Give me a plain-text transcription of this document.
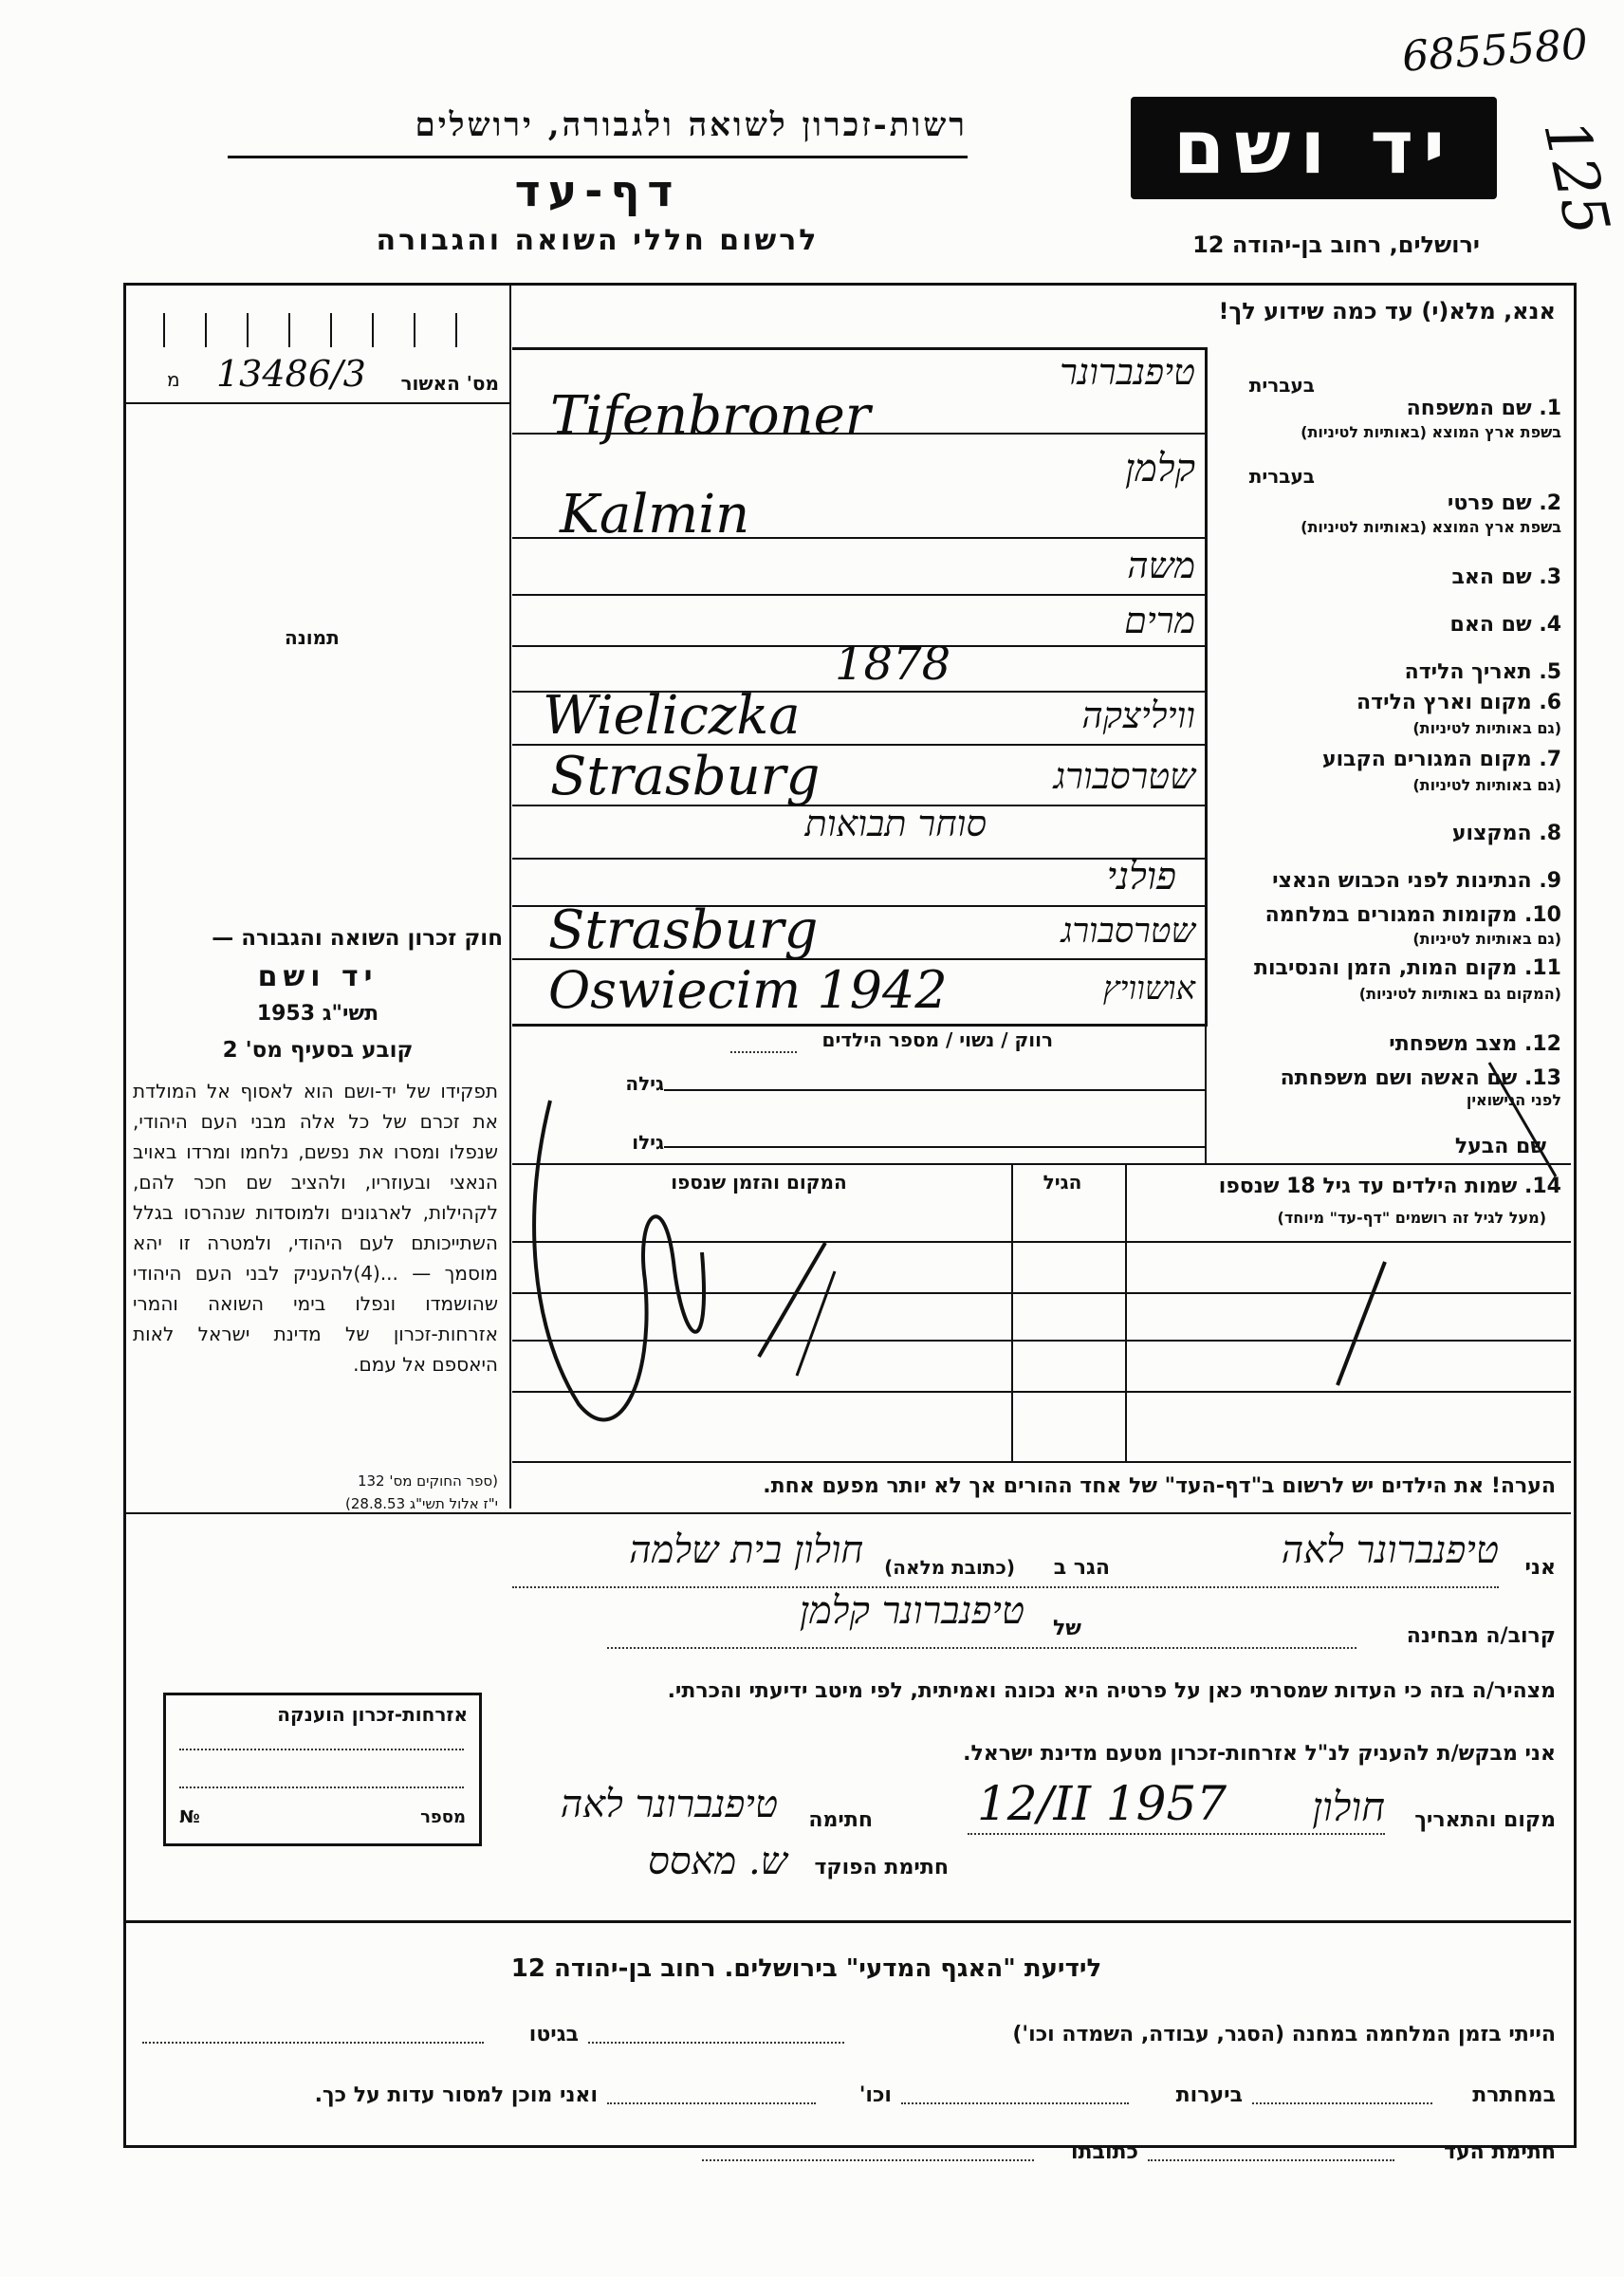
6855580
125
רשות-זכרון לשואה ולגבורה, ירושלים
דף-עד
לרשום חללי השואה והגבורה
יד ושם
ירושלים, רחוב בן-יהודה 12
אנא, מלא(י) עד כמה שידוע לך!
מ 13486/3	מס' האשור
תמונה
חוק זכרון השואה והגבורה —
יד ושם
תשי"ג 1953
קובע בסעיף מס' 2
תפקידו של יד-ושם הוא לאסוף אל המולדת את זכרם של כל אלה מבני העם היהודי, שנפלו ומסרו את נפשם, נלחמו ומרדו באויב הנאצי ובעוזריו, ולהציב שם חכר להם, לקהילות, לארגונים ולמוסדות שנהרסו בגלל השתייכותם לעם היהודי, ולמטרה זו יהא מוסמך — ...(4)להעניק לבני העם היהודי שהושמדו ונפלו בימי השואה והמרי אזרחות-זכרון של מדינת ישראל לאות היאספם אל עמם.
(ספר החוקים מס' 132
י"ז אלול תשי"ג 28.8.53)
בעברית
1. שם המשפחה
בשפת ארץ המוצא (באותיות לטיניות)
טיפנברונר
Tifenbroner
בעברית
2. שם פרטי
בשפת ארץ המוצא (באותיות לטיניות)
קלמן
Kalmin
3. שם האב
משה
4. שם האם
מרים
5. תאריך הלידה
1878
6. מקום וארץ הלידה
(גם באותיות לטיניות)
Wieliczka	וויליצקה
7. מקום המגורים הקבוע
(גם באותיות לטיניות)
Strasburg	שטרסבורג
8. המקצוע
סוחר תבואות
9. הנתינות לפני הכבוש הנאצי
פולני
10. מקומות המגורים במלחמה
(גם באותיות לטיניות)
Strasburg	שטרסבורג
11. מקום המות, הזמן והנסיבות
(המקום גם באותיות לטיניות)
Oswiecim 1942	אושוויץ
12. מצב משפחתי
רווק / נשוי / מספר הילדים
13. שם האשה ושם משפחתה
לפני הנישואין
גילה
גילו	שם הבעל
14. שמות הילדים עד גיל 18 שנספו
(מעל לגיל זה רושמים "דף-עד" מיוחד)
הגיל
המקום והזמן שנספו
הערה! את הילדים יש לרשום ב"דף-העד" של אחד ההורים אך לא יותר מפעם אחת.
אני
טיפנברונר לאה
הגר ב
(כתובת מלאה)
חולון בית שלמה
קרוב/ה מבחינה
של
טיפנברונר קלמן
מצהיר/ה בזה כי העדות שמסרתי כאן על פרטיה היא נכונה ואמיתית, לפי מיטב ידיעתי והכרתי.
אני מבקש/ת להעניק לנ"ל אזרחות-זכרון מטעם מדינת ישראל.
מקום והתאריך
חולון
12/II 1957
חתימה
טיפנברונר לאה
חתימת הפוקד
ש. מאסס
אזרחות-זכרון הוענקה
מספר
№
לידיעת "האגף המדעי" בירושלים. רחוב בן-יהודה 12
הייתי בזמן המלחמה במחנה (הסגר, עבודה, השמדה וכו')
בגיטו
במחתרת
ביערות
וכו'
ואני מוכן למסור עדות על כך.
חתימת העד
כתובתו
